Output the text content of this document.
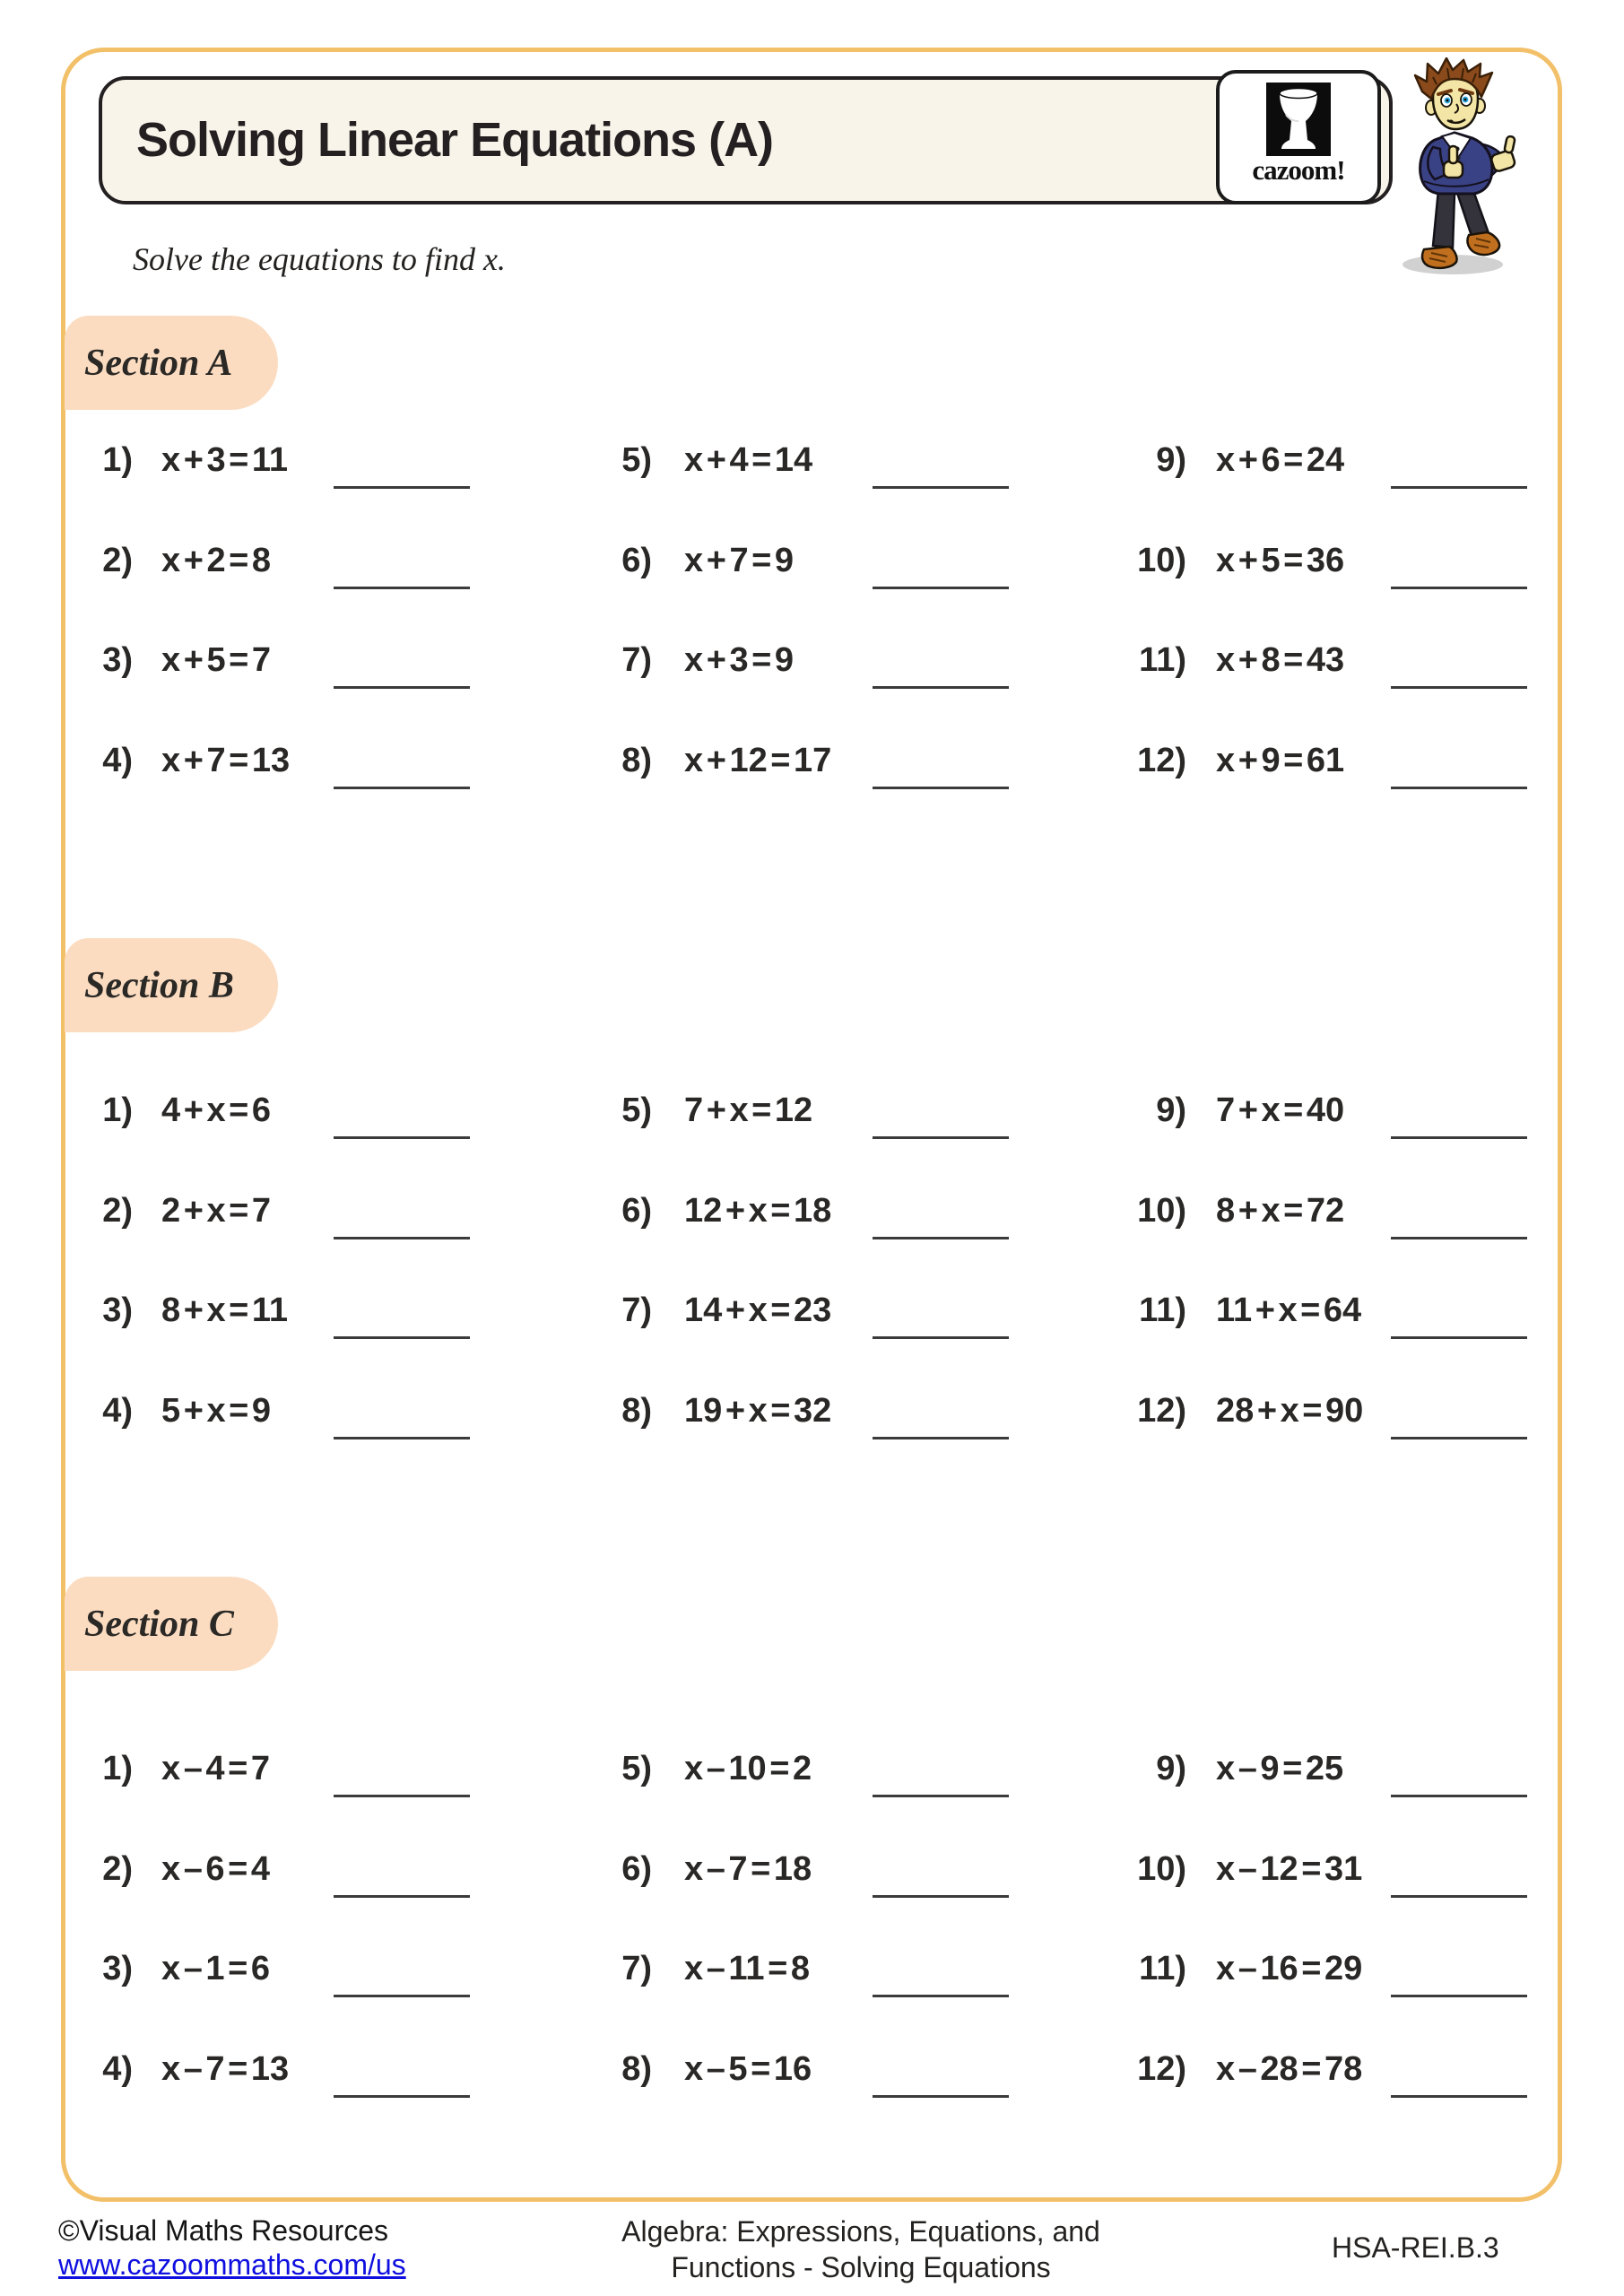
Solving Linear Equations (A)
cazoom!

Solve the equations to find x.

Section A
Section B
Section C
1) x + 3 = 11
2) x + 2 = 8
3) x + 5 = 7
4) x + 7 = 13
5) x + 4 = 14
6) x + 7 = 9
7) x + 3 = 9
8) x + 12 = 17
9) x + 6 = 24
10) x + 5 = 36
11) x + 8 = 43
12) x + 9 = 61
1) 4 + x = 6
2) 2 + x = 7
3) 8 + x = 11
4) 5 + x = 9
5) 7 + x = 12
6) 12 + x = 18
7) 14 + x = 23
8) 19 + x = 32
9) 7 + x = 40
10) 8 + x = 72
11) 11 + x = 64
12) 28 + x = 90
1) x – 4 = 7
2) x – 6 = 4
3) x – 1 = 6
4) x – 7 = 13
5) x – 10 = 2
6) x – 7 = 18
7) x – 11 = 8
8) x – 5 = 16
9) x – 9 = 25
10) x – 12 = 31
11) x – 16 = 29
12) x – 28 = 78
©Visual Maths Resources
www.cazoommaths.com/us
Algebra: Expressions, Equations, and
Functions - Solving Equations
HSA-REI.B.3
